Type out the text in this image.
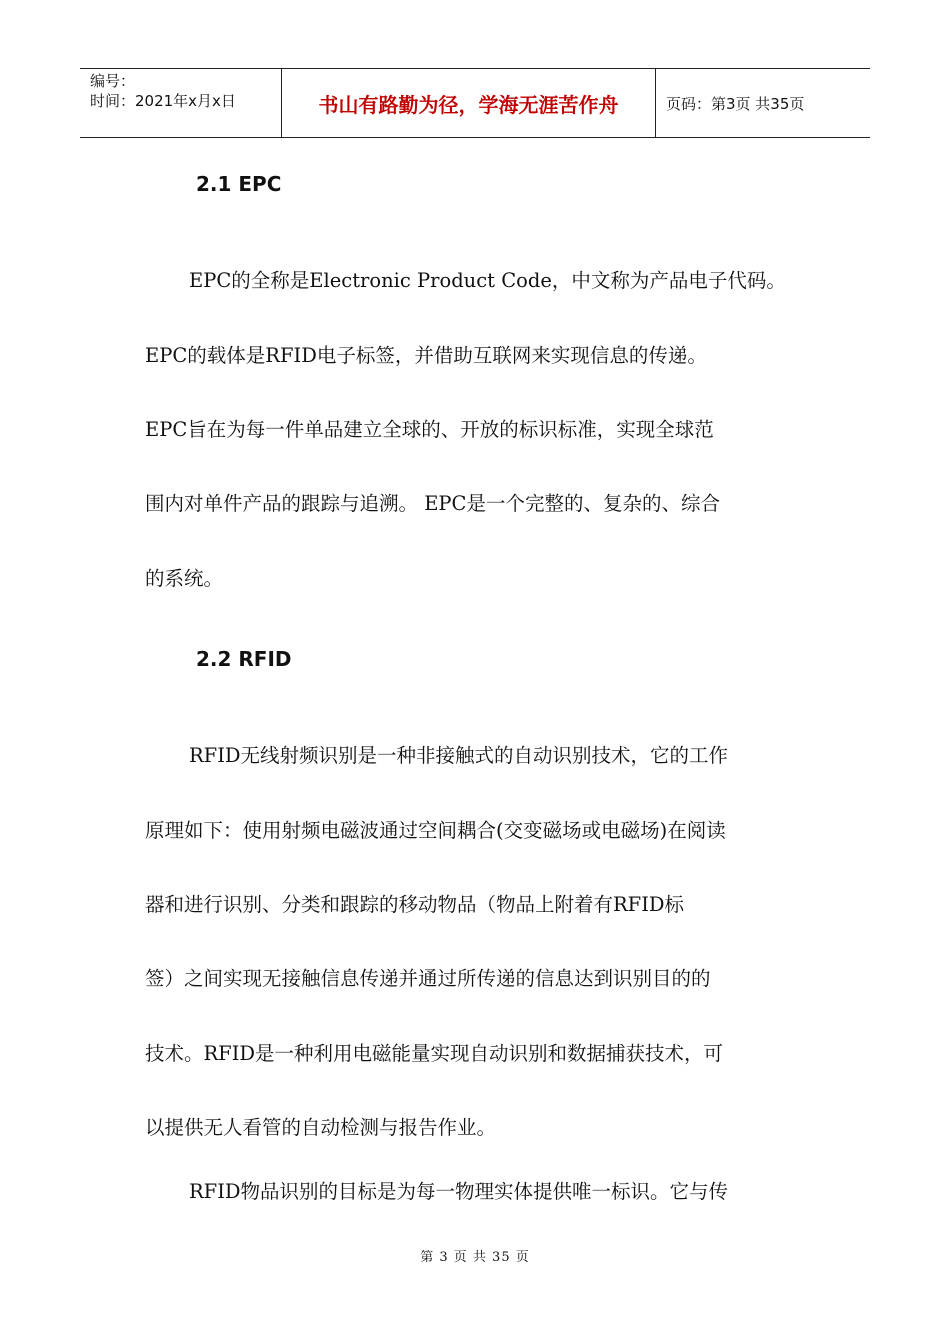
编号：
时间：2021年x月x日	书山有路勤为径，学海无涯苦作舟	页码：第3页 共35页
2.1 EPC
EPC的全称是Electronic Product Code，中文称为产品电子代码。
EPC的载体是RFID电子标签，并借助互联网来实现信息的传递。
EPC旨在为每一件单品建立全球的、开放的标识标准，实现全球范
围内对单件产品的跟踪与追溯。 EPC是一个完整的、复杂的、综合
的系统。
2.2 RFID
RFID无线射频识别是一种非接触式的自动识别技术，它的工作
原理如下：使用射频电磁波通过空间耦合(交变磁场或电磁场)在阅读
器和进行识别、分类和跟踪的移动物品（物品上附着有RFID标
签）之间实现无接触信息传递并通过所传递的信息达到识别目的的
技术。RFID是一种利用电磁能量实现自动识别和数据捕获技术，可
以提供无人看管的自动检测与报告作业。
RFID物品识别的目标是为每一物理实体提供唯一标识。它与传
第 3 页 共 35 页
